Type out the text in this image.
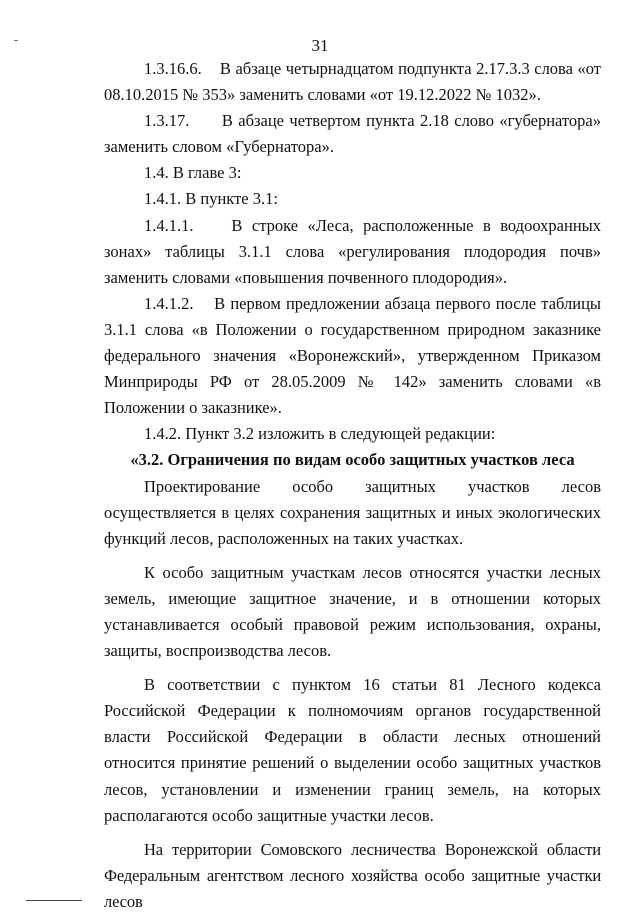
31

1.3.16.6.    В абзаце четырнадцатом подпункта 2.17.3.3 слова «от 08.10.2015 № 353» заменить словами «от 19.12.2022 № 1032».

1.3.17.      В абзаце четвертом пункта 2.18 слово «губернатора» заменить словом «Губернатора».

1.4. В главе 3:

1.4.1. В пункте 3.1:

1.4.1.1.    В строке «Леса, расположенные в водоохранных зонах» таблицы 3.1.1 слова «регулирования плодородия почв» заменить словами «повышения почвенного плодородия».

1.4.1.2.    В первом предложении абзаца первого после таблицы 3.1.1 слова «в Положении о государственном природном заказнике федерального значения «Воронежский», утвержденном Приказом Минприроды РФ от 28.05.2009 № 142» заменить словами «в Положении о заказнике».

1.4.2. Пункт 3.2 изложить в следующей редакции:

«3.2. Ограничения по видам особо защитных участков леса

Проектирование особо защитных участков лесов осуществляется в целях сохранения защитных и иных экологических функций лесов, расположенных на таких участках.

К особо защитным участкам лесов относятся участки лесных земель, имеющие защитное значение, и в отношении которых устанавливается особый правовой режим использования, охраны, защиты, воспроизводства лесов.

В соответствии с пунктом 16 статьи 81 Лесного кодекса Российской Федерации к полномочиям органов государственной власти Российской Федерации в области лесных отношений относится принятие решений о выделении особо защитных участков лесов, установлении и изменении границ земель, на которых располагаются особо защитные участки лесов.

На территории Сомовского лесничества Воронежской области Федеральным агентством лесного хозяйства особо защитные участки лесов
